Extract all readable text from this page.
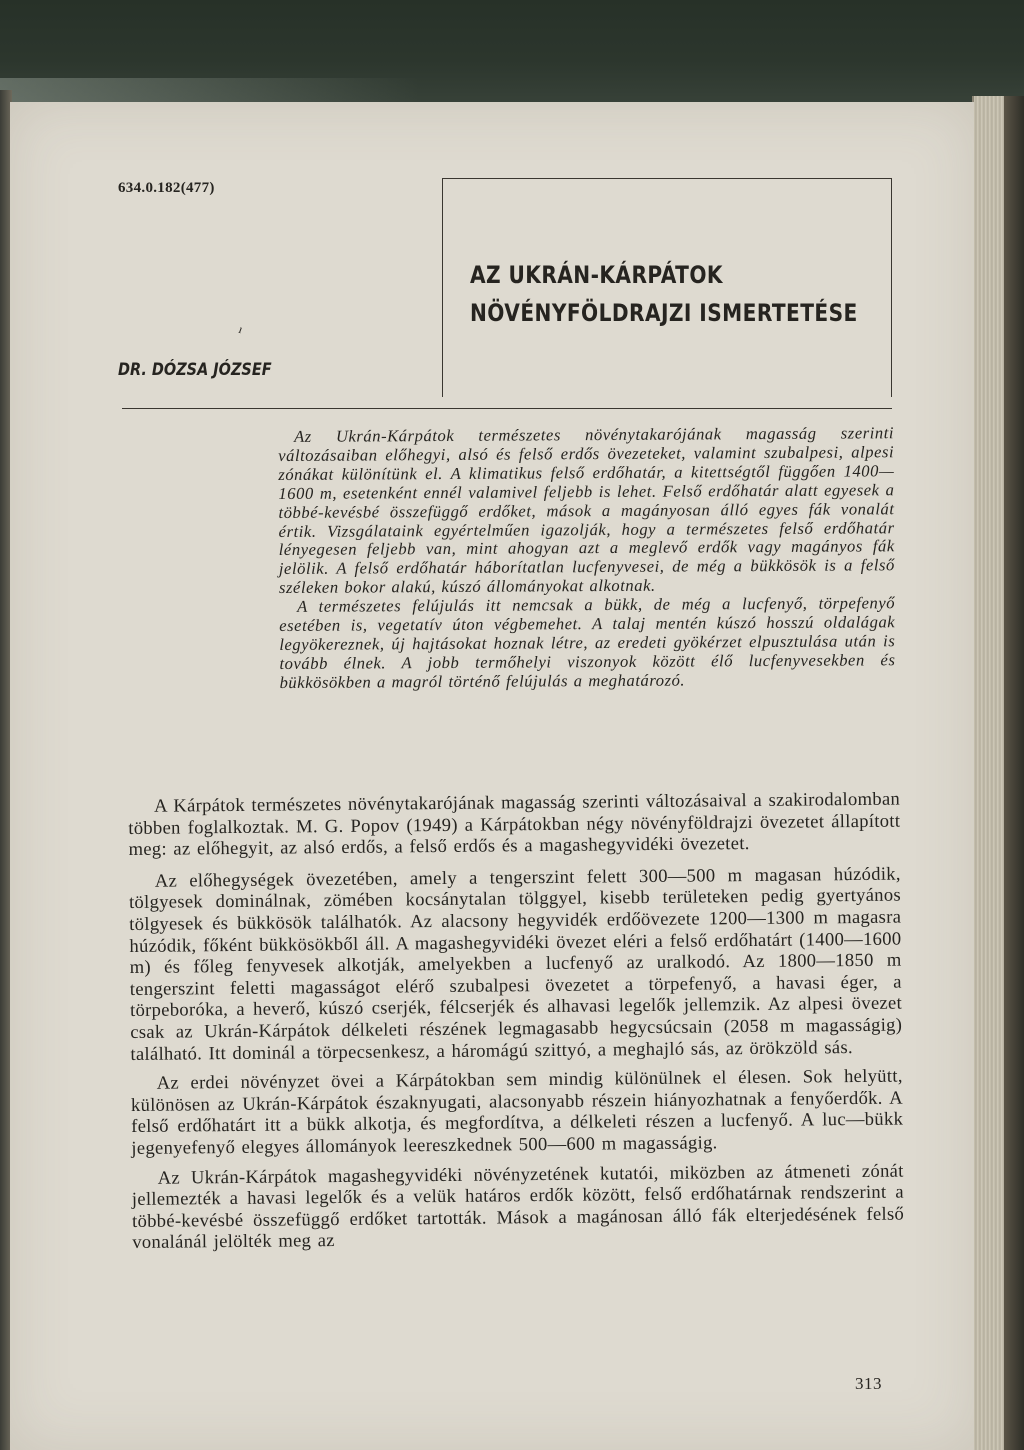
634.0.182(477)
AZ UKRÁN-KÁRPÁTOK
NÖVÉNYFÖLDRAJZI ISMERTETÉSE
ı
DR. DÓZSA JÓZSEF

Az Ukrán-Kárpátok természetes növénytakarójának magasság szerinti változásaiban előhegyi, alsó és felső erdős övezeteket, valamint szubalpesi, alpesi zónákat különítünk el. A klimatikus felső erdőhatár, a kitettségtől függően 1400—1600 m, esetenként ennél valamivel feljebb is lehet. Felső erdőhatár alatt egyesek a többé-kevésbé összefüggő erdőket, mások a magányosan álló egyes fák vonalát értik. Vizsgálataink egyértelműen igazolják, hogy a természetes felső erdőhatár lényegesen feljebb van, mint ahogyan azt a meglevő erdők vagy magányos fák jelölik. A felső erdőhatár háborítatlan lucfenyvesei, de még a bükkösök is a felső széleken bokor alakú, kúszó állományokat alkotnak.

A természetes felújulás itt nemcsak a bükk, de még a lucfenyő, törpefenyő esetében is, vegetatív úton végbemehet. A talaj mentén kúszó hosszú oldalágak legyökereznek, új hajtásokat hoznak létre, az eredeti gyökérzet elpusztulása után is tovább élnek. A jobb termőhelyi viszonyok között élő lucfenyvesekben és bükkösökben a magról történő felújulás a meghatározó.

A Kárpátok természetes növénytakarójának magasság szerinti változásaival a szakirodalomban többen foglalkoztak. M. G. Popov (1949) a Kárpátokban négy növényföldrajzi övezetet állapított meg: az előhegyit, az alsó erdős, a felső erdős és a magashegyvidéki övezetet.

Az előhegységek övezetében, amely a tengerszint felett 300—500 m magasan húzódik, tölgyesek dominálnak, zömében kocsánytalan tölggyel, kisebb területeken pedig gyertyános tölgyesek és bükkösök találhatók. Az alacsony hegyvidék erdőövezete 1200—1300 m magasra húzódik, főként bükkösökből áll. A magashegyvidéki övezet eléri a felső erdőhatárt (1400—1600 m) és főleg fenyvesek alkotják, amelyekben a lucfenyő az uralkodó. Az 1800—1850 m tengerszint feletti magasságot elérő szubalpesi övezetet a törpefenyő, a havasi éger, a törpeboróka, a heverő, kúszó cserjék, félcserjék és alhavasi legelők jellemzik. Az alpesi övezet csak az Ukrán-Kárpátok délkeleti részének legmagasabb hegycsúcsain (2058 m magasságig) található. Itt dominál a törpecsenkesz, a háromágú szittyó, a meghajló sás, az örökzöld sás.

Az erdei növényzet övei a Kárpátokban sem mindig különülnek el élesen. Sok helyütt, különösen az Ukrán-Kárpátok északnyugati, alacsonyabb részein hiányozhatnak a fenyőerdők. A felső erdőhatárt itt a bükk alkotja, és megfordítva, a délkeleti részen a lucfenyő. A luc—bükk jegenyefenyő elegyes állományok leereszkednek 500—600 m magasságig.

Az Ukrán-Kárpátok magashegyvidéki növényzetének kutatói, miközben az átmeneti zónát jellemezték a havasi legelők és a velük határos erdők között, felső erdőhatárnak rendszerint a többé-kevésbé összefüggő erdőket tartották. Mások a magánosan álló fák elterjedésének felső vonalánál jelölték meg az

313
